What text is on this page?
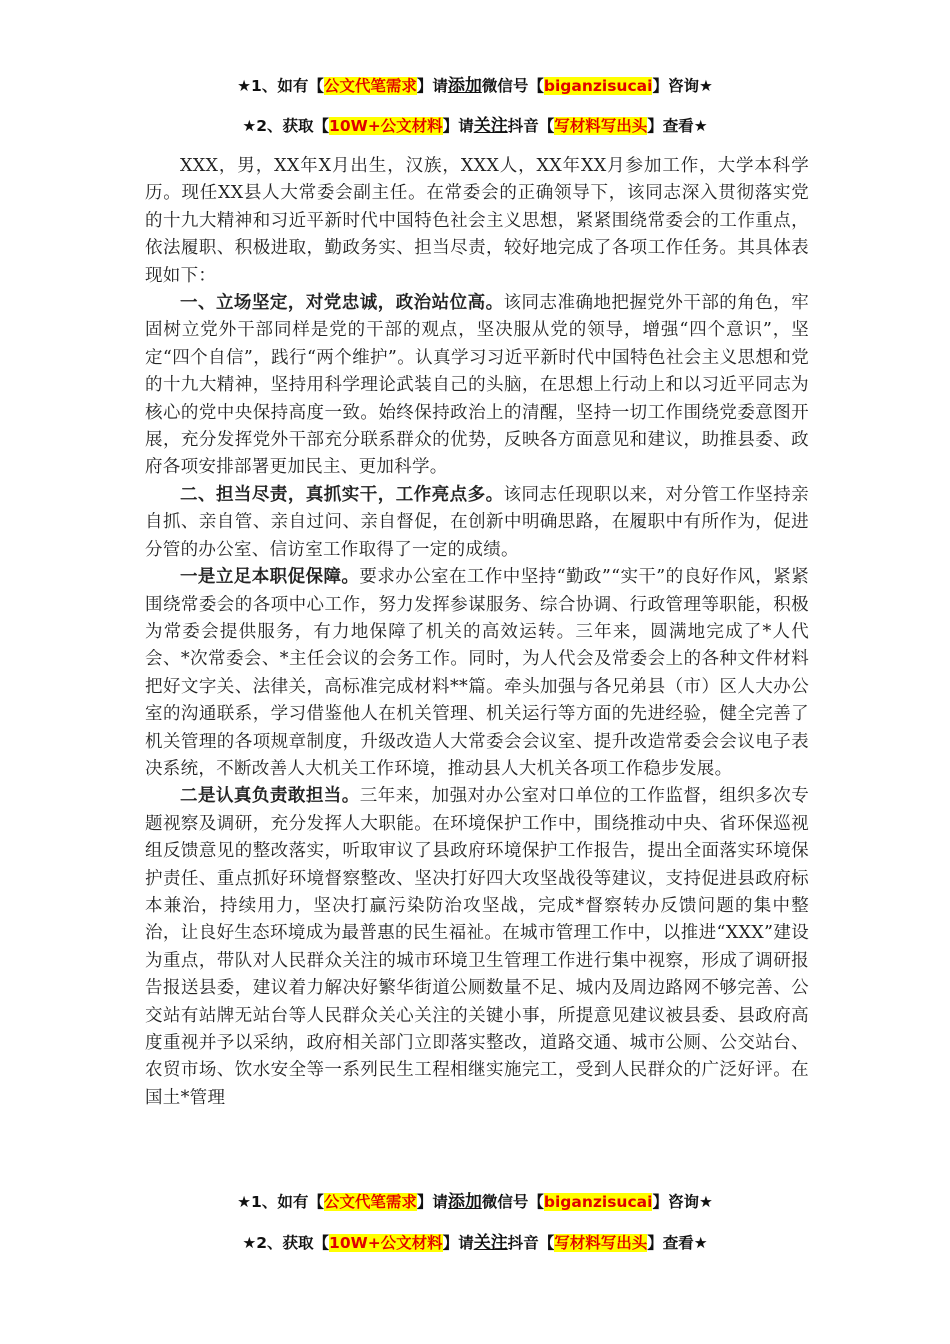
★1、如有【公文代笔需求】请添加微信号【biganzisucai】咨询★
★2、获取【10W+公文材料】请关注抖音【写材料写出头】查看★

XXX，男，XX年X月出生，汉族，XXX人，XX年XX月参加工作，大学本科学历。现任XX县人大常委会副主任。在常委会的正确领导下，该同志深入贯彻落实党的十九大精神和习近平新时代中国特色社会主义思想，紧紧围绕常委会的工作重点，依法履职、积极进取，勤政务实、担当尽责，较好地完成了各项工作任务。其具体表现如下：

一、立场坚定，对党忠诚，政治站位高。该同志准确地把握党外干部的角色，牢固树立党外干部同样是党的干部的观点，坚决服从党的领导，增强“四个意识”，坚定“四个自信”，践行“两个维护”。认真学习习近平新时代中国特色社会主义思想和党的十九大精神，坚持用科学理论武装自己的头脑，在思想上行动上和以习近平同志为核心的党中央保持高度一致。始终保持政治上的清醒，坚持一切工作围绕党委意图开展，充分发挥党外干部充分联系群众的优势，反映各方面意见和建议，助推县委、政府各项安排部署更加民主、更加科学。

二、担当尽责，真抓实干，工作亮点多。该同志任现职以来，对分管工作坚持亲自抓、亲自管、亲自过问、亲自督促，在创新中明确思路，在履职中有所作为，促进分管的办公室、信访室工作取得了一定的成绩。

一是立足本职促保障。要求办公室在工作中坚持“勤政”“实干”的良好作风，紧紧围绕常委会的各项中心工作，努力发挥参谋服务、综合协调、行政管理等职能，积极为常委会提供服务，有力地保障了机关的高效运转。三年来，圆满地完成了*人代会、*次常委会、*主任会议的会务工作。同时，为人代会及常委会上的各种文件材料把好文字关、法律关，高标准完成材料**篇。牵头加强与各兄弟县（市）区人大办公室的沟通联系，学习借鉴他人在机关管理、机关运行等方面的先进经验，健全完善了机关管理的各项规章制度，升级改造人大常委会会议室、提升改造常委会会议电子表决系统，不断改善人大机关工作环境，推动县人大机关各项工作稳步发展。

二是认真负责敢担当。三年来，加强对办公室对口单位的工作监督，组织多次专题视察及调研，充分发挥人大职能。在环境保护工作中，围绕推动中央、省环保巡视组反馈意见的整改落实，听取审议了县政府环境保护工作报告，提出全面落实环境保护责任、重点抓好环境督察整改、坚决打好四大攻坚战役等建议，支持促进县政府标本兼治，持续用力，坚决打赢污染防治攻坚战，完成*督察转办反馈问题的集中整治，让良好生态环境成为最普惠的民生福祉。在城市管理工作中，以推进“XXX”建设为重点，带队对人民群众关注的城市环境卫生管理工作进行集中视察，形成了调研报告报送县委，建议着力解决好繁华街道公厕数量不足、城内及周边路网不够完善、公交站有站牌无站台等人民群众关心关注的关键小事，所提意见建议被县委、县政府高度重视并予以采纳，政府相关部门立即落实整改，道路交通、城市公厕、公交站台、农贸市场、饮水安全等一系列民生工程相继实施完工，受到人民群众的广泛好评。在国土*管理

★1、如有【公文代笔需求】请添加微信号【biganzisucai】咨询★
★2、获取【10W+公文材料】请关注抖音【写材料写出头】查看★
